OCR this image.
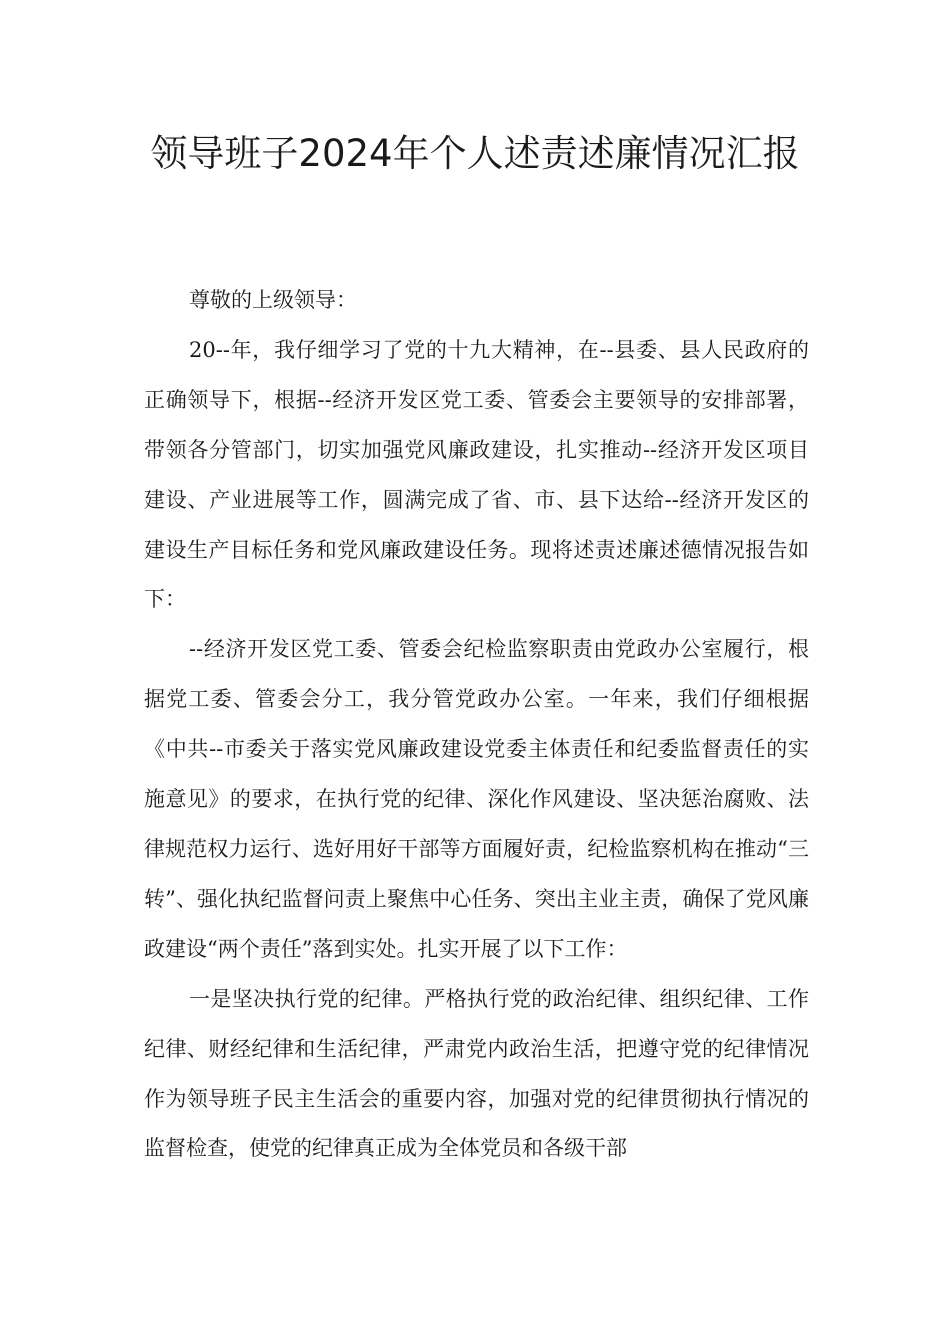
领导班子2024年个人述责述廉情况汇报

尊敬的上级领导：

20--年，我仔细学习了党的十九大精神，在--县委、县人民政府的正确领导下，根据--经济开发区党工委、管委会主要领导的安排部署，带领各分管部门，切实加强党风廉政建设，扎实推动--经济开发区项目建设、产业进展等工作，圆满完成了省、市、县下达给--经济开发区的建设生产目标任务和党风廉政建设任务。现将述责述廉述德情况报告如下：

--经济开发区党工委、管委会纪检监察职责由党政办公室履行，根据党工委、管委会分工，我分管党政办公室。一年来，我们仔细根据《中共--市委关于落实党风廉政建设党委主体责任和纪委监督责任的实施意见》的要求，在执行党的纪律、深化作风建设、坚决惩治腐败、法律规范权力运行、选好用好干部等方面履好责，纪检监察机构在推动“三转”、强化执纪监督问责上聚焦中心任务、突出主业主责，确保了党风廉政建设“两个责任”落到实处。扎实开展了以下工作：

一是坚决执行党的纪律。严格执行党的政治纪律、组织纪律、工作纪律、财经纪律和生活纪律，严肃党内政治生活，把遵守党的纪律情况作为领导班子民主生活会的重要内容，加强对党的纪律贯彻执行情况的监督检查，使党的纪律真正成为全体党员和各级干部
